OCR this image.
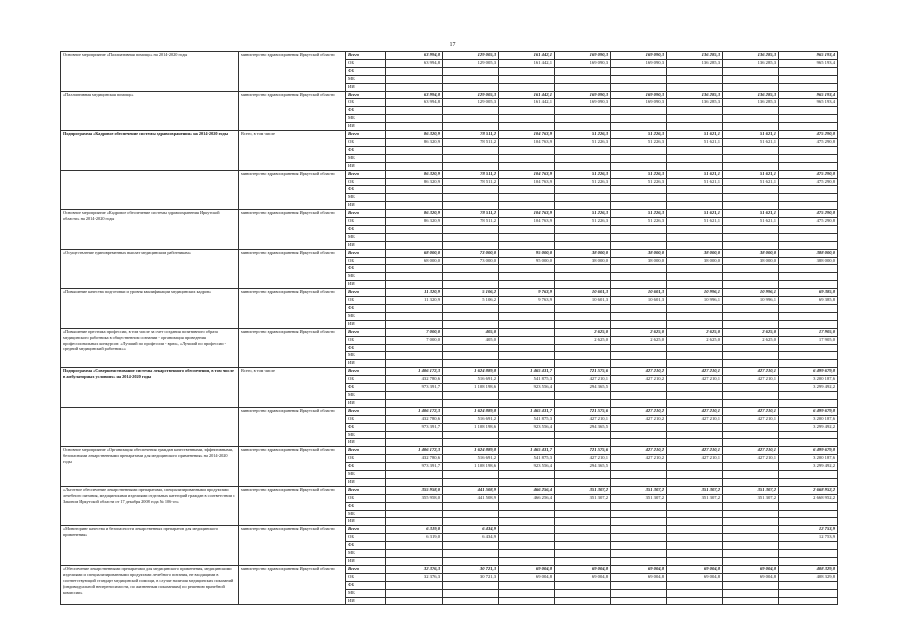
17
Основное мероприятие «Паллиативная помощь» на 2014-2020 годы	министерство здравоохранения Иркутской области	Всего	63 994,8	129 005,3	161 442,1	169 090,3	169 090,3	136 285,3	136 285,3	965 193,4
		ОБ	63 994,8	129 005,3	161 442,1	169 090,3	169 090,3	136 285,3	136 285,3	965 193,4
		ФБ								
		МБ								
		ИИ								
«Паллиативная медицинская помощь»	министерство здравоохранения Иркутской области	Всего	63 994,8	129 005,3	161 442,1	169 090,3	169 090,3	136 285,3	136 285,3	965 193,4
		ОБ	63 994,8	129 005,3	161 442,1	169 090,3	169 090,3	136 285,3	136 285,3	965 193,4
		ФБ								
		МБ								
		ИИ								
Подпрограмма «Кадровое обеспечение системы здравоохранения» на 2014-2020 годы	Всего, в том числе	Всего	86 320,9	78 511,2	104 763,9	51 226,3	51 226,3	51 621,1	51 621,1	475 290,8
		ОБ	86 320,9	78 511,2	104 763,9	51 226,3	51 226,3	51 621,1	51 621,1	475 290,8
		ФБ								
		МБ								
		ИИ								
	министерство здравоохранения Иркутской области	Всего	86 320,9	78 511,2	104 763,9	51 226,3	51 226,3	51 621,1	51 621,1	475 290,8
		ОБ	86 320,9	78 511,2	104 763,9	51 226,3	51 226,3	51 621,1	51 621,1	475 290,8
		ФБ								
		МБ								
		ИИ								
Основное мероприятие «Кадровое обеспечение системы здравоохранения Иркутской области» на 2014-2020 годы	министерство здравоохранения Иркутской области	Всего	86 320,9	78 511,2	104 763,9	51 226,3	51 226,3	51 621,1	51 621,1	475 290,8
		ОБ	86 320,9	78 511,2	104 763,9	51 226,3	51 226,3	51 621,1	51 621,1	475 290,8
		ФБ								
		МБ								
		ИИ								
«Осуществление единовременных выплат медицинским работникам»	министерство здравоохранения Иркутской области	Всего	68 000,0	73 000,0	95 000,0	38 000,0	38 000,0	38 000,0	38 000,0	388 000,0
		ОБ	68 000,0	73 000,0	95 000,0	38 000,0	38 000,0	38 000,0	38 000,0	388 000,0
		ФБ								
		МБ								
		ИИ								
«Повышение качества подготовки и уровня квалификации медицинских кадров»	министерство здравоохранения Иркутской области	Всего	11 320,9	5 106,2	9 763,9	10 601,3	10 601,3	10 996,1	10 996,1	69 385,8
		ОБ	11 320,9	5 106,2	9 763,9	10 601,3	10 601,3	10 996,1	10 996,1	69 385,8
		ФБ								
		МБ								
		ИИ								
«Повышение престижа профессии, в том числе за счет создания позитивного образа медицинского работника в общественном сознании - организация проведения профессиональных конкурсов: «Лучший по профессии - врач», «Лучший по профессии - средний медицинский работник»»	министерство здравоохранения Иркутской области	Всего	7 000,0	405,0		2 625,0	2 625,0	2 625,0	2 625,0	17 905,0
		ОБ	7 000,0	405,0		2 625,0	2 625,0	2 625,0	2 625,0	17 905,0
		ФБ								
		МБ								
		ИИ								
Подпрограмма «Совершенствование системы лекарственного обеспечения, в том числе в амбулаторных условиях» на 2014-2020 годы	Всего, в том числе	Всего	1 406 172,3	1 624 889,8	1 465 431,7	721 575,6	427 210,2	427 210,1	427 210,1	6 499 679,8
		ОБ	432 780,6	516 691,2	541 875,3	427 210,1	427 210,2	427 210,1	427 210,1	3 200 187,6
		ФБ	973 391,7	1 108 198,6	923 556,4	294 365,5				3 299 492,2
		МБ								
		ИИ								
	министерство здравоохранения Иркутской области	Всего	1 406 172,3	1 624 889,8	1 465 431,7	721 575,6	427 210,2	427 210,1	427 210,1	6 499 679,8
		ОБ	432 780,6	516 691,2	541 875,3	427 210,1	427 210,2	427 210,1	427 210,1	3 200 187,6
		ФБ	973 391,7	1 108 198,6	923 556,4	294 365,5				3 299 492,2
		МБ								
		ИИ								
Основное мероприятие «Организация обеспечения граждан качественными, эффективными, безопасными лекарственными препаратами для медицинского применения» на 2014-2020 годы	министерство здравоохранения Иркутской области	Всего	1 406 172,3	1 624 889,8	1 465 431,7	721 575,6	427 210,2	427 210,1	427 210,1	6 499 679,8
		ОБ	432 780,6	516 691,2	541 875,3	427 210,1	427 210,2	427 210,1	427 210,1	3 200 187,6
		ФБ	973 391,7	1 108 198,6	923 556,4	294 365,5				3 299 492,2
		МБ								
		ИИ								
«Льготное обеспечение лекарственными препаратами, специализированными продуктами лечебного питания, медицинскими изделиями отдельных категорий граждан в соответствии с Законом Иркутской области от 17 декабря 2008 года № 106-оз»	министерство здравоохранения Иркутской области	Всего	355 958,0	441 508,9	466 256,4	351 307,2	351 307,2	351 307,2	351 307,2	2 668 952,2
		ОБ	355 958,0	441 508,9	466 256,4	351 307,2	351 307,2	351 307,2	351 307,2	2 668 952,2
		ФБ								
		МБ								
		ИИ								
«Мониторинг качества и безопасности лекарственных препаратов для медицинского применения»	министерство здравоохранения Иркутской области	Всего	6 319,0	6 434,9						12 753,9
		ОБ	6 319,0	6 434,9						12 753,9
		ФБ								
		МБ								
		ИИ								
«Обеспечение лекарственными препаратами для медицинского применения, медицинскими изделиями и специализированными продуктами лечебного питания, не входящими в соответствующий стандарт медицинской помощи, в случае наличия медицинских показаний (индивидуальной непереносимости, по жизненным показаниям) по решению врачебной комиссии»	министерство здравоохранения Иркутской области	Всего	32 376,3	30 721,3	69 004,8	69 004,8	69 004,8	69 004,8	69 004,8	408 329,8
		ОБ	32 376,3	30 721,3	69 004,8	69 004,8	69 004,8	69 004,8	69 004,8	408 329,8
		ФБ								
		МБ								
		ИИ								
